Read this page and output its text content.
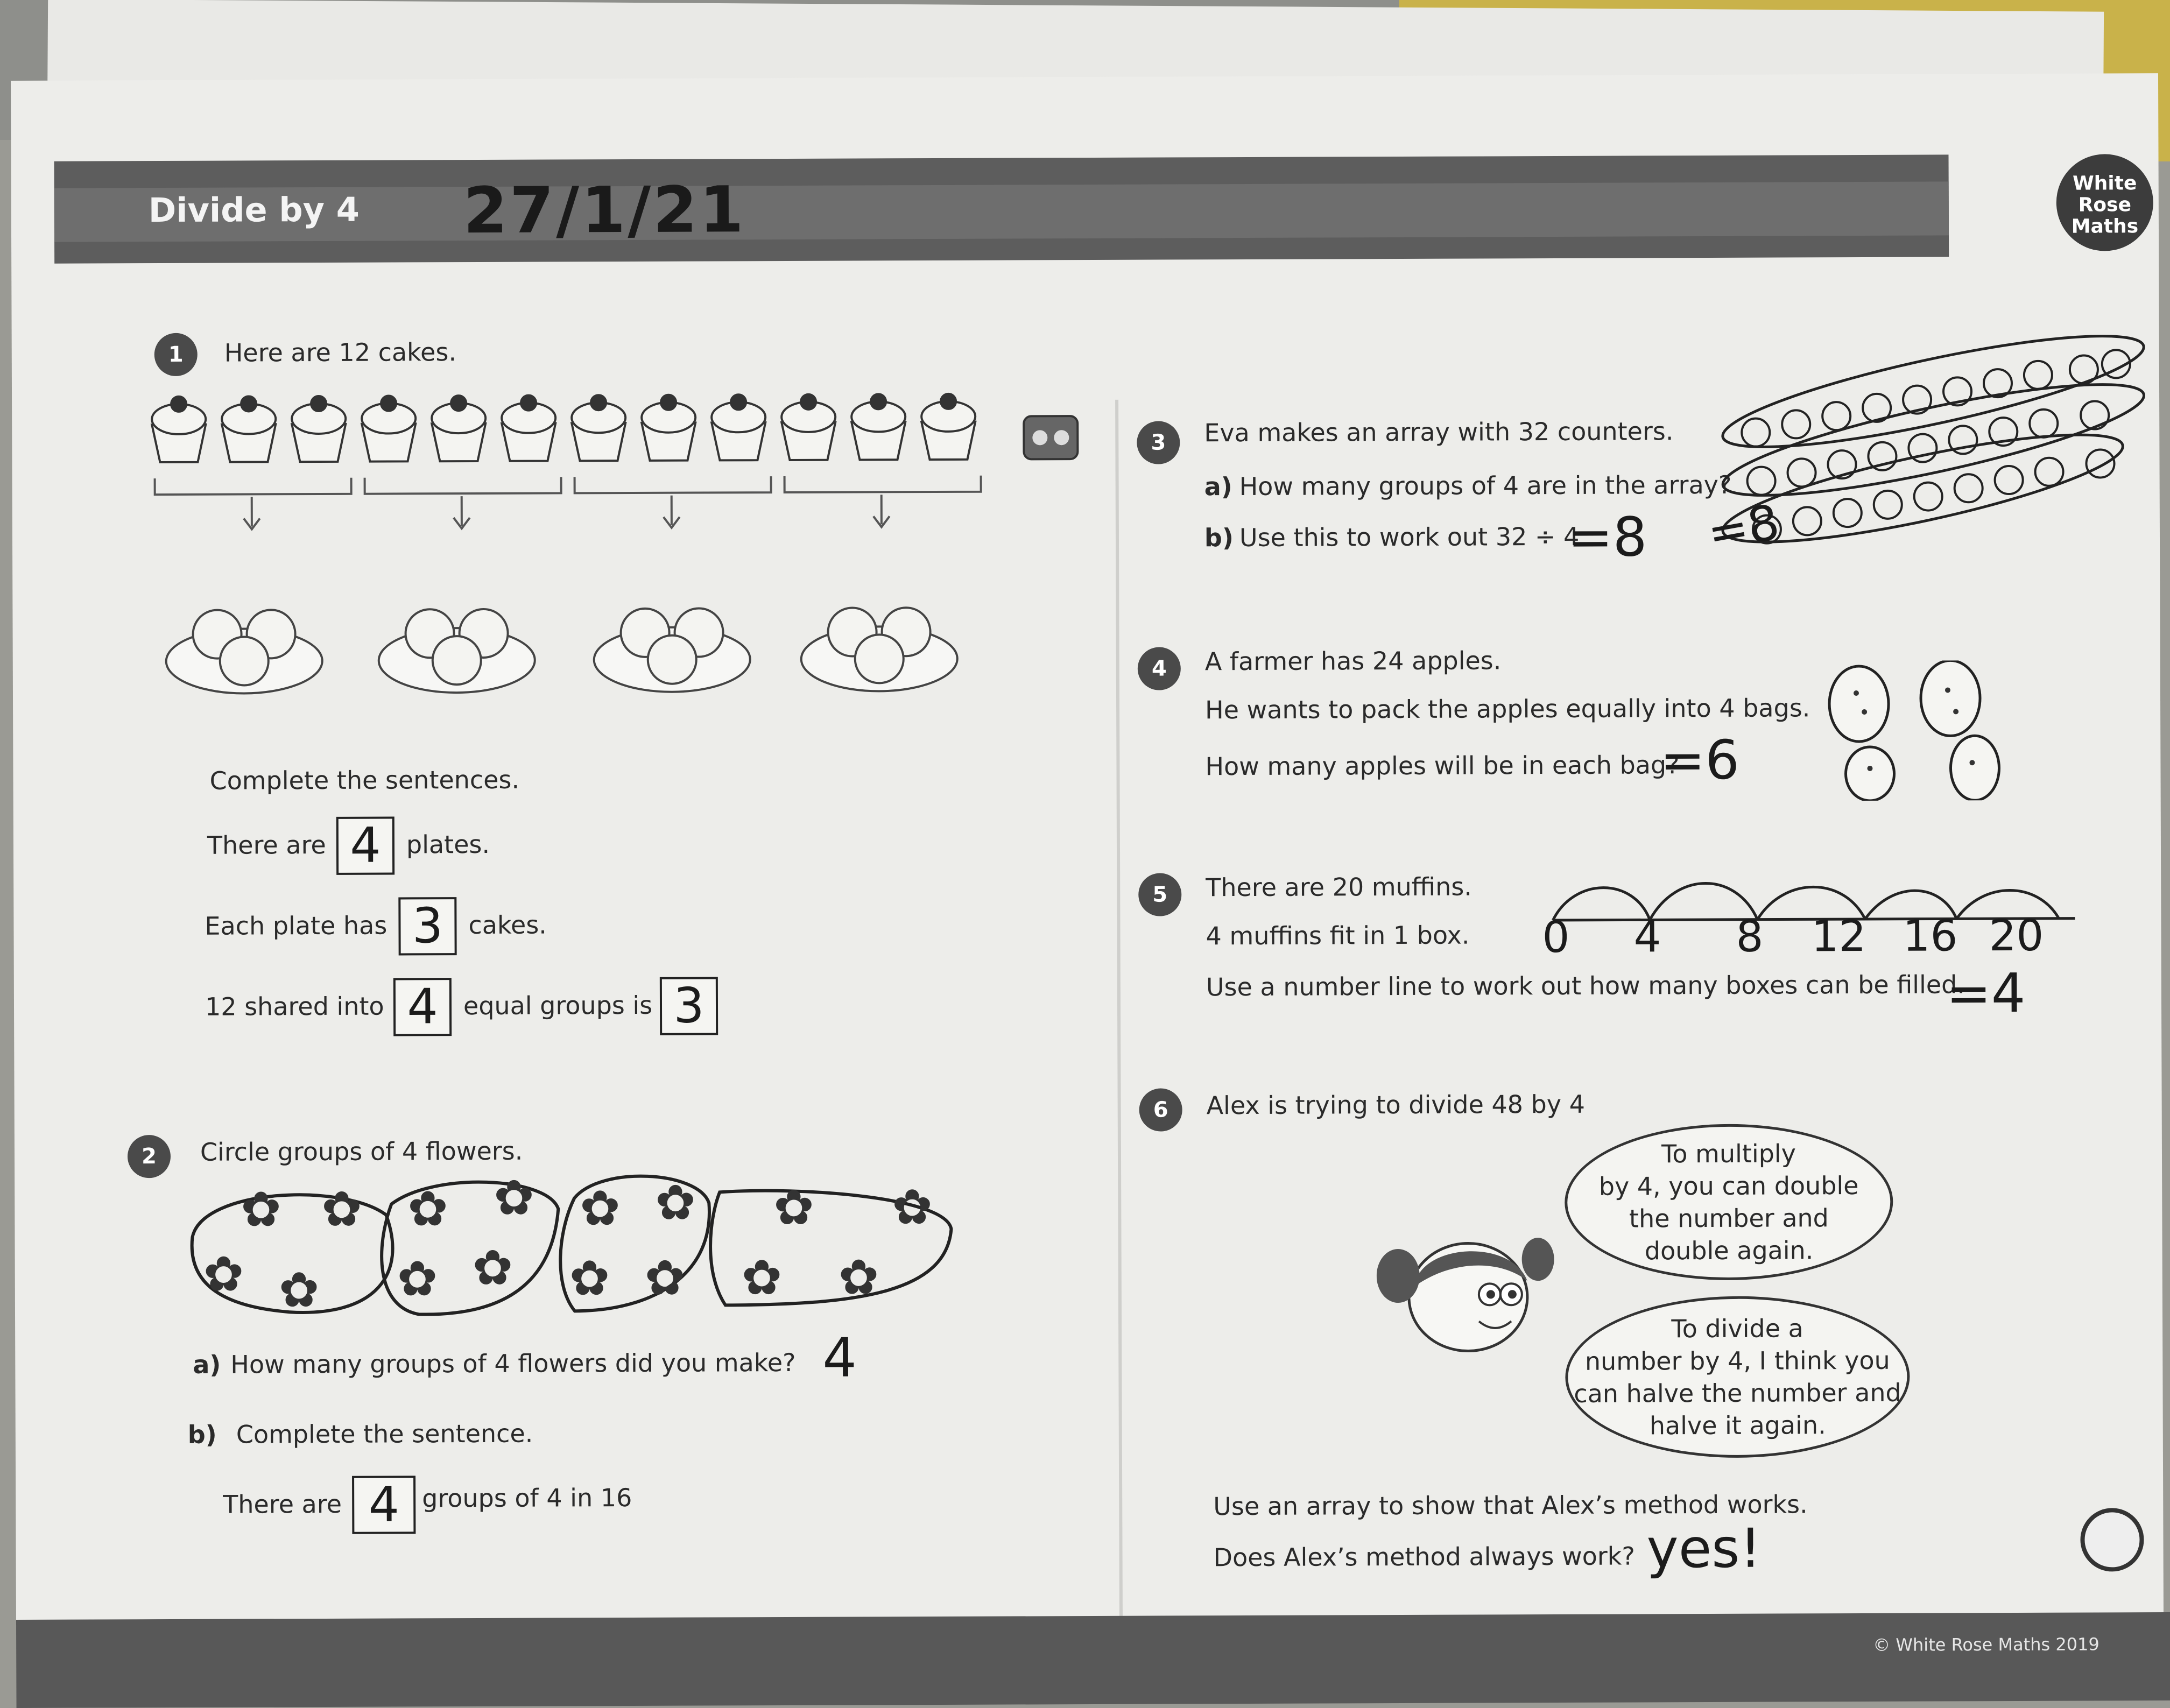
Divide by 4 27/1/21	White
Rose
Maths
1	Here are 12 cakes.
Complete the sentences.
There are 4	plates.
Each plate has 3	cakes.
12 shared into 4	equal groups is 3
2	Circle groups of 4 flowers.
✿ ✿
✿ ✿
✿ ✿
✿ ✿
✿ ✿
✿ ✿
✿ ✿
✿ ✿
a) How many groups of 4 flowers did you make? 4
b) Complete the sentence.
There are 4 groups of 4 in 16
3	Eva makes an array with 32 counters.
a) How many groups of 4 are in the array?
b) Use this to work out 32 ÷ 4
=8 =8
4	A farmer has 24 apples.
He wants to pack the apples equally into 4 bags.
How many apples will be in each bag?
=6
5	There are 20 muffins.
4 muffins fit in 1 box.
Use a number line to work out how many boxes can be filled.
=4
0 4 8 12 16 20
6	Alex is trying to divide 48 by 4
To multiply
by 4, you can double
the number and
double again.
To divide a
number by 4, I think you
can halve the number and
halve it again.
Use an array to show that Alex’s method works.
Does Alex’s method always work? yes!
© White Rose Maths 2019
